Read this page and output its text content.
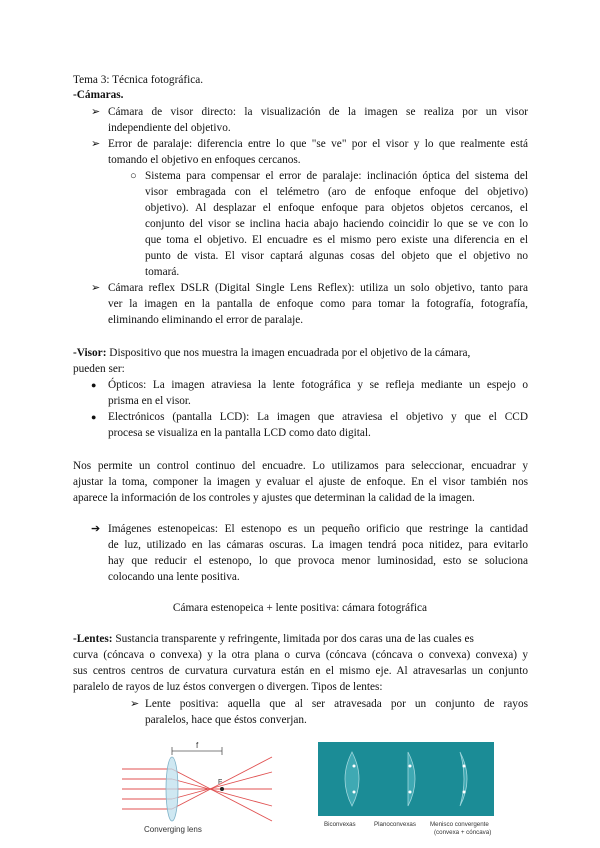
Tema 3: Técnica fotográfica.
-Cámaras.
➢ Cámara de visor directo: la visualización de la imagen se realiza por un visor
independiente del objetivo.
➢ Error de paralaje: diferencia entre lo que "se ve" por el visor y lo que realmente está
tomando el objetivo en enfoques cercanos.
○ Sistema para compensar el error de paralaje: inclinación óptica del sistema del
visor embragada con el telémetro (aro de enfoque enfoque del objetivo)
objetivo). Al desplazar el enfoque enfoque para objetos objetos cercanos, el
conjunto del visor se inclina hacia abajo haciendo coincidir lo que se ve con lo
que toma el objetivo. El encuadre es el mismo pero existe una diferencia en el
punto de vista. El visor captará algunas cosas del objeto que el objetivo no
tomará.
➢ Cámara reflex DSLR (Digital Single Lens Reflex): utiliza un solo objetivo, tanto para
ver la imagen en la pantalla de enfoque como para tomar la fotografía, fotografía,
eliminando eliminando el error de paralaje.
-Visor: Dispositivo que nos muestra la imagen encuadrada por el objetivo de la cámara,
pueden ser:
● Ópticos: La imagen atraviesa la lente fotográfica y se refleja mediante un espejo o
prisma en el visor.
● Electrónicos (pantalla LCD): La imagen que atraviesa el objetivo y que el CCD
procesa se visualiza en la pantalla LCD como dato digital.
Nos permite un control continuo del encuadre. Lo utilizamos para seleccionar, encuadrar y
ajustar la toma, componer la imagen y evaluar el ajuste de enfoque. En el visor también nos
aparece la información de los controles y ajustes que determinan la calidad de la imagen.
➔ Imágenes estenopeicas: El estenopo es un pequeño orificio que restringe la cantidad
de luz, utilizado en las cámaras oscuras. La imagen tendrá poca nitidez, para evitarlo
hay que reducir el estenopo, lo que provoca menor luminosidad, esto se soluciona
colocando una lente positiva.
Cámara estenopeica + lente positiva: cámara fotográfica
-Lentes: Sustancia transparente y refringente, limitada por dos caras una de las cuales es
curva (cóncava o convexa) y la otra plana o curva (cóncava (cóncava o convexa) convexa) y
sus centros centros de curvatura curvatura están en el mismo eje. Al atravesarlas un conjunto
paralelo de rayos de luz éstos convergen o divergen. Tipos de lentes:
➢ Lente positiva: aquella que al ser atravesada por un conjunto de rayos
paralelos, hace que éstos converjan.
f
F
Converging lens
Biconvexas	Planoconvexas Menisco convergente
(convexa + cóncava)
